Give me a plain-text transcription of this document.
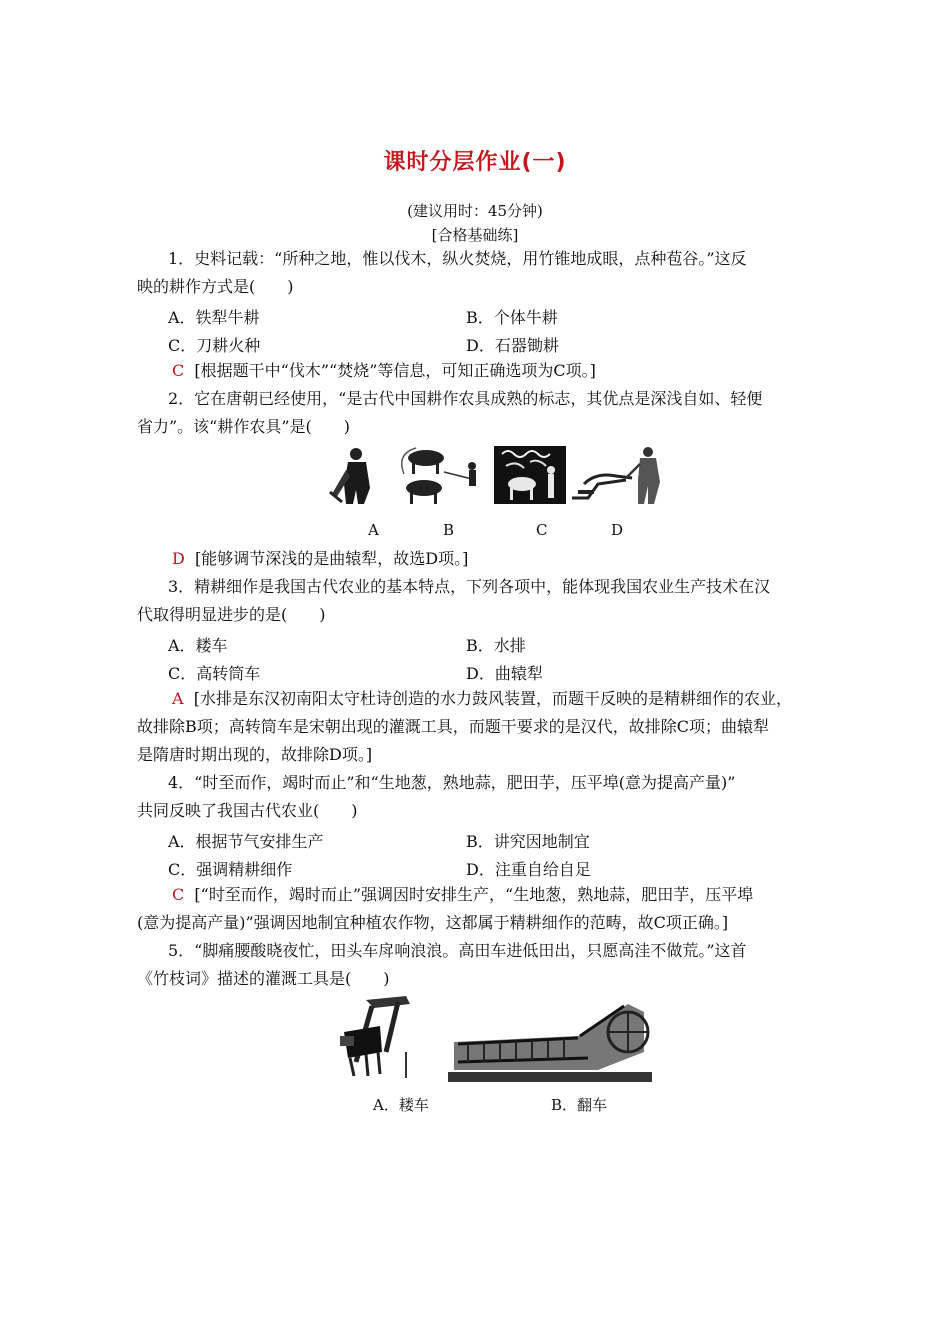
课时分层作业(一)
(建议用时：45分钟)
[合格基础练]
1．史料记载：“所种之地，惟以伐木，纵火焚烧，用竹锥地成眼，点种苞谷。”这反
映的耕作方式是(　　)
A．铁犁牛耕	B．个体牛耕
C．刀耕火种	D．石器锄耕
C [根据题干中“伐木”“焚烧”等信息，可知正确选项为C项。]
2．它在唐朝已经使用，“是古代中国耕作农具成熟的标志，其优点是深浅自如、轻便
省力”。该“耕作农具”是(　　)
A	B	C	D
D [能够调节深浅的是曲辕犁，故选D项。]
3．精耕细作是我国古代农业的基本特点，下列各项中，能体现我国农业生产技术在汉
代取得明显进步的是(　　)
A．耧车	B．水排
C．高转筒车	D．曲辕犁
A [水排是东汉初南阳太守杜诗创造的水力鼓风装置，而题干反映的是精耕细作的农业，
故排除B项；高转筒车是宋朝出现的灌溉工具，而题干要求的是汉代，故排除C项；曲辕犁
是隋唐时期出现的，故排除D项。]
4．“时至而作，竭时而止”和“生地葱，熟地蒜，肥田芋，压平埠(意为提高产量)”
共同反映了我国古代农业(　　)
A．根据节气安排生产	B．讲究因地制宜
C．强调精耕细作	D．注重自给自足
C [“时至而作，竭时而止”强调因时安排生产，“生地葱，熟地蒜，肥田芋，压平埠
(意为提高产量)”强调因地制宜种植农作物，这都属于精耕细作的范畴，故C项正确。]
5．“脚痛腰酸晓夜忙，田头车戽响浪浪。高田车进低田出，只愿高洼不做荒。”这首
《竹枝词》描述的灌溉工具是(　　)
A．耧车	B．翻车
